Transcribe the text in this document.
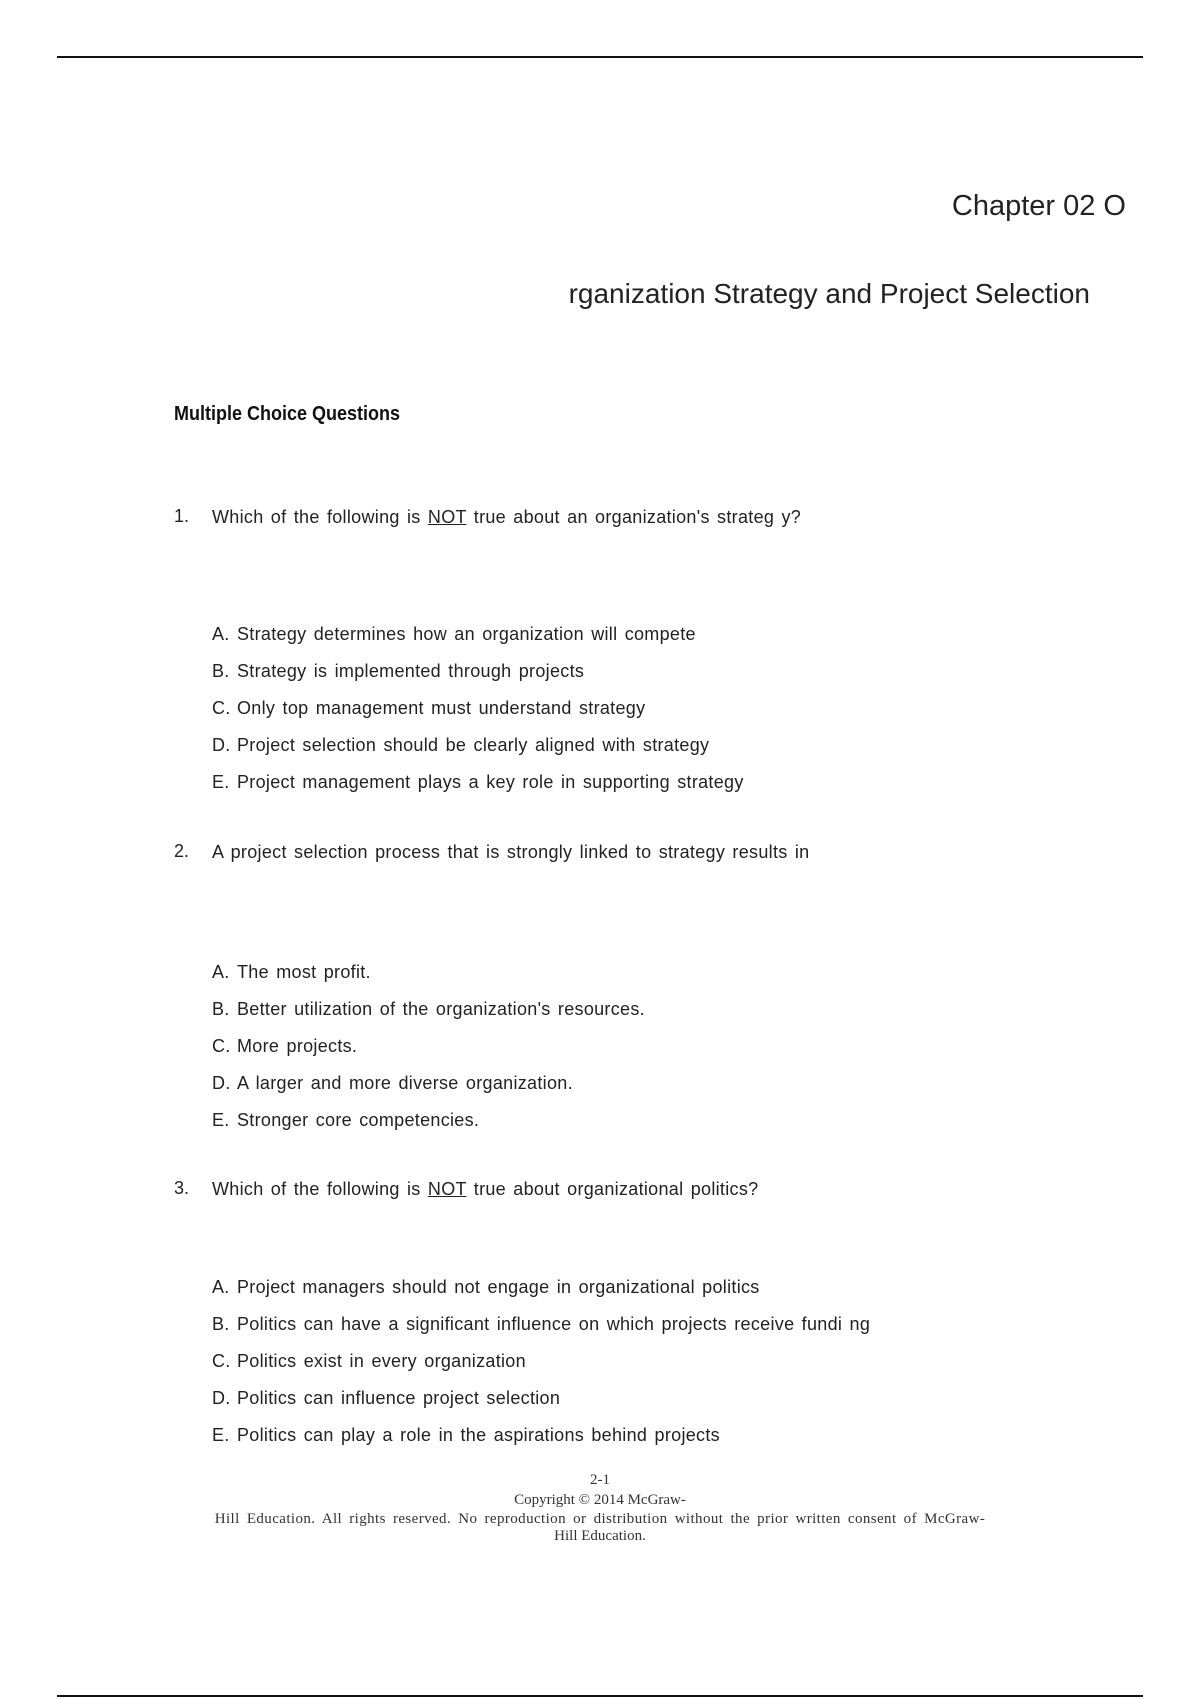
Chapter 02 O
rganization Strategy and Project Selection
Multiple Choice Questions
1. Which of the following is NOT true about an organization's strateg y?
A. Strategy determines how an organization will compete
B. Strategy is implemented through projects
C. Only top management must understand strategy
D. Project selection should be clearly aligned with strategy
E. Project management plays a key role in supporting strategy
2. A project selection process that is strongly linked to strategy results in
A. The most profit.
B. Better utilization of the organization's resources.
C. More projects.
D. A larger and more diverse organization.
E. Stronger core competencies.
3. Which of the following is NOT true about organizational politics?
A. Project managers should not engage in organizational politics
B. Politics can have a significant influence on which projects receive fundi ng
C. Politics exist in every organization
D. Politics can influence project selection
E. Politics can play a role in the aspirations behind projects
2-1
Copyright © 2014 McGraw-
Hill Education. All rights reserved. No reproduction or distribution without the prior written consent of McGraw-
Hill Education.
